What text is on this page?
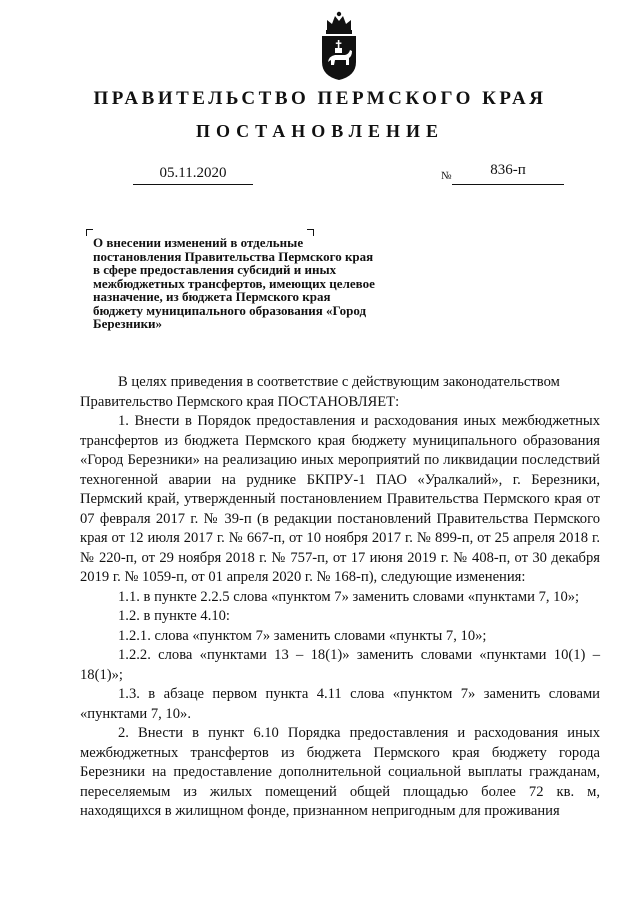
ПРАВИТЕЛЬСТВО ПЕРМСКОГО КРАЯ
ПОСТАНОВЛЕНИЕ
05.11.2020	№	836-п
О внесении изменений в отдельные постановления Правительства Пермского края в сфере предоставления субсидий и иных межбюджетных трансфертов, имеющих целевое назначение, из бюджета Пермского края бюджету муниципального образования «Город Березники»

В целях приведения в соответствие с действующим законодательством

Правительство Пермского края ПОСТАНОВЛЯЕТ:

1. Внести в Порядок предоставления и расходования иных межбюджетных трансфертов из бюджета Пермского края бюджету муниципального образования «Город Березники» на реализацию иных мероприятий по ликвидации последствий техногенной аварии на руднике БКПРУ-1 ПАО «Уралкалий», г. Березники, Пермский край, утвержденный постановлением Правительства Пермского края от 07 февраля 2017 г. № 39-п (в редакции постановлений Правительства Пермского края от 12 июля 2017 г. № 667-п, от 10 ноября 2017 г. № 899-п, от 25 апреля 2018 г. № 220-п, от 29 ноября 2018 г. № 757-п, от 17 июня 2019 г. № 408-п, от 30 декабря 2019 г. № 1059-п, от 01 апреля 2020 г. № 168-п), следующие изменения:

1.1. в пункте 2.2.5 слова «пунктом 7» заменить словами «пунктами 7, 10»;

1.2. в пункте 4.10:

1.2.1. слова «пунктом 7» заменить словами «пункты 7, 10»;

1.2.2. слова «пунктами 13 – 18(1)» заменить словами «пунктами 10(1) – 18(1)»;

1.3. в абзаце первом пункта 4.11 слова «пунктом 7» заменить словами «пунктами 7, 10».

2. Внести в пункт 6.10 Порядка предоставления и расходования иных межбюджетных трансфертов из бюджета Пермского края бюджету города Березники на предоставление дополнительной социальной выплаты гражданам, переселяемым из жилых помещений общей площадью более 72 кв. м, находящихся в жилищном фонде, признанном непригодным для проживания
